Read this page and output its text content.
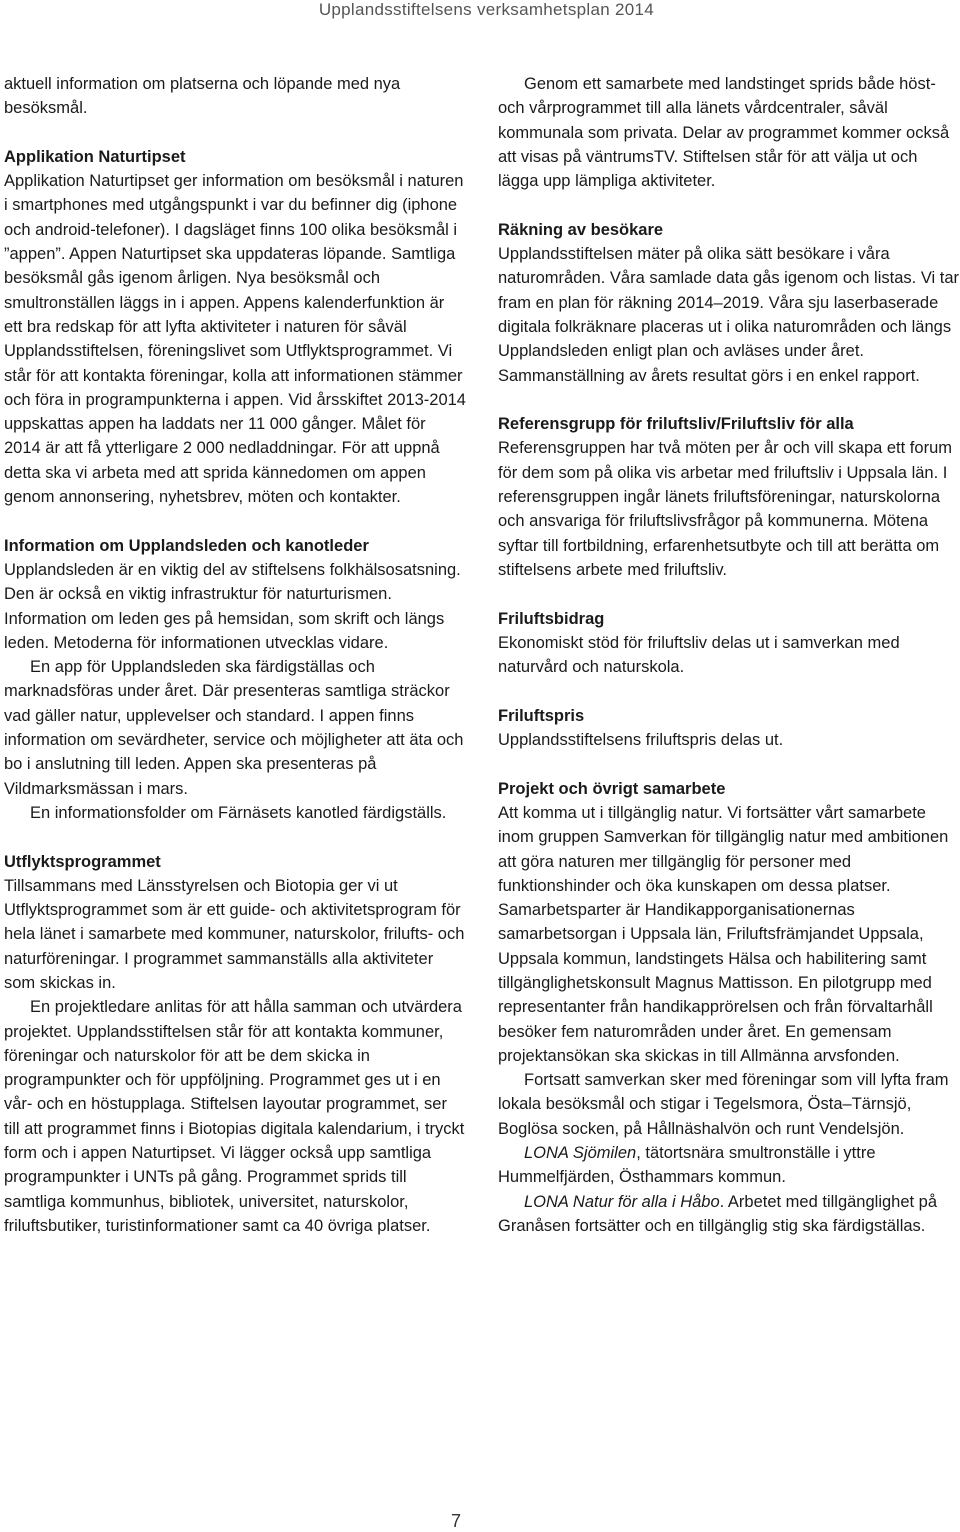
Upplandsstiftelsens verksamhetsplan 2014

aktuell information om platserna och löpande med nya besöksmål.

Applikation Naturtipset

Applikation Naturtipset ger information om besöksmål i naturen i smartphones med utgångspunkt i var du befinner dig (iphone och android-telefoner). I dagsläget finns 100 olika besöksmål i ”appen”. Appen Naturtipset ska uppdateras löpande. Samtliga besöksmål gås igenom årligen. Nya besöksmål och smultronställen läggs in i appen. Appens kalenderfunktion är ett bra redskap för att lyfta aktiviteter i naturen för såväl Upplandsstiftelsen, föreningslivet som Utflyktsprogrammet. Vi står för att kontakta föreningar, kolla att informationen stämmer och föra in programpunkterna i appen. Vid årsskiftet 2013-2014 uppskattas appen ha laddats ner 11 000 gånger. Målet för 2014 är att få ytterligare 2 000 nedladdningar. För att uppnå detta ska vi arbeta med att sprida kännedomen om appen genom annonsering, nyhetsbrev, möten och kontakter.

Information om Upplandsleden och kanotleder

Upplandsleden är en viktig del av stiftelsens folkhälsosatsning. Den är också en viktig infrastruktur för naturturismen. Information om leden ges på hemsidan, som skrift och längs leden. Metoderna för informationen utvecklas vidare.

En app för Upplandsleden ska färdigställas och marknadsföras under året. Där presenteras samtliga sträckor vad gäller natur, upplevelser och standard. I appen finns information om sevärdheter, service och möjligheter att äta och bo i anslutning till leden. Appen ska presenteras på Vildmarksmässan i mars.

En informationsfolder om Färnäsets kanotled färdigställs.

Utflyktsprogrammet

Tillsammans med Länsstyrelsen och Biotopia ger vi ut Utflyktsprogrammet som är ett guide- och aktivitetsprogram för hela länet i samarbete med kommuner, naturskolor, frilufts- och naturföreningar. I programmet sammanställs alla aktiviteter som skickas in.

En projektledare anlitas för att hålla samman och utvärdera projektet. Upplandsstiftelsen står för att kontakta kommuner, föreningar och naturskolor för att be dem skicka in programpunkter och för uppföljning. Programmet ges ut i en vår- och en höstupplaga. Stiftelsen layoutar programmet, ser till att programmet finns i Biotopias digitala kalendarium, i tryckt form och i appen Naturtipset. Vi lägger också upp samtliga programpunkter i UNTs på gång. Programmet sprids till samtliga kommunhus, bibliotek, universitet, naturskolor, friluftsbutiker, turistinformationer samt ca 40 övriga platser.

Genom ett samarbete med landstinget sprids både höst- och vårprogrammet till alla länets vårdcentraler, såväl kommunala som privata. Delar av programmet kommer också att visas på väntrumsTV. Stiftelsen står för att välja ut och lägga upp lämpliga aktiviteter.

Räkning av besökare

Upplandsstiftelsen mäter på olika sätt besökare i våra naturområden. Våra samlade data gås igenom och listas. Vi tar fram en plan för räkning 2014–2019. Våra sju laserbaserade digitala folkräknare placeras ut i olika naturområden och längs Upplandsleden enligt plan och avläses under året. Sammanställning av årets resultat görs i en enkel rapport.

Referensgrupp för friluftsliv/Friluftsliv för alla

Referensgruppen har två möten per år och vill skapa ett forum för dem som på olika vis arbetar med friluftsliv i Uppsala län. I referensgruppen ingår länets friluftsföreningar, naturskolorna och ansvariga för friluftslivsfrågor på kommunerna. Mötena syftar till fortbildning, erfarenhetsutbyte och till att berätta om stiftelsens arbete med friluftsliv.

Friluftsbidrag

Ekonomiskt stöd för friluftsliv delas ut i samverkan med naturvård och naturskola.

Friluftspris

Upplandsstiftelsens friluftspris delas ut.

Projekt och övrigt samarbete

Att komma ut i tillgänglig natur. Vi fortsätter vårt samarbete inom gruppen Samverkan för tillgänglig natur med ambitionen att göra naturen mer tillgänglig för personer med funktionshinder och öka kunskapen om dessa platser. Samarbetsparter är Handikapporganisationernas samarbetsorgan i Uppsala län, Friluftsfrämjandet Uppsala, Uppsala kommun, landstingets Hälsa och habilitering samt tillgänglighetskonsult Magnus Mattisson. En pilotgrupp med representanter från handikapprörelsen och från förvaltarhåll besöker fem naturområden under året. En gemensam projektansökan ska skickas in till Allmänna arvsfonden.

Fortsatt samverkan sker med föreningar som vill lyfta fram lokala besöksmål och stigar i Tegelsmora, Östa–Tärnsjö, Boglösa socken, på Hållnäshalvön och runt Vendelsjön.

LONA Sjömilen, tätortsnära smultronställe i yttre Hummelfjärden, Östhammars kommun.

LONA Natur för alla i Håbo. Arbetet med tillgänglighet på Granåsen fortsätter och en tillgänglig stig ska färdigställas.

7
